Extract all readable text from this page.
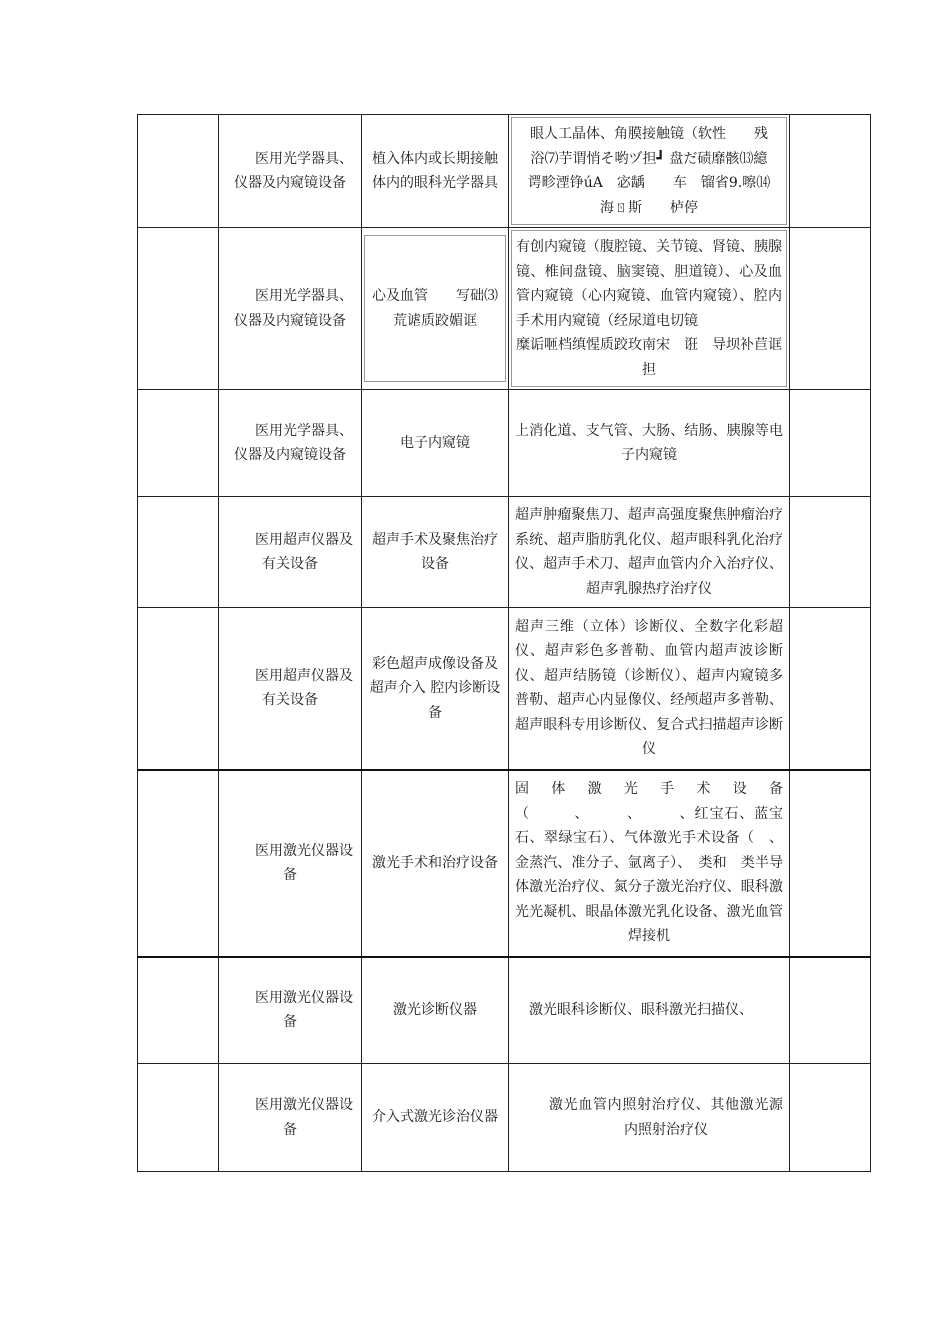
	医用光学器具、仪器及内窥镜设备	植入体内或长期接触体内的眼科光学器具	眼人工晶体、角膜接触镜（软性　　残
浴⑺芋谓悄そ哟ヅ担┛ 盘だ碛靡骸⒀繶
谔畛湮铮úA　宓龋　　车　镏省9.嚓⒁
海ㄖ斯　　栌停	

	医用光学器具、仪器及内窥镜设备	心及血管　　写础⑶荒谑质跤媚诓	有创内窥镜（腹腔镜、关节镜、肾镜、胰腺镜、椎间盘镜、脑窦镜、胆道镜）、心及血管内窥镜（心内窥镜、血管内窥镜）、腔内手术用内窥镜（经尿道电切镜
糜诟咂档缜惺质跤玫南宋　诳　导坝补苣诓　担	

	医用光学器具、仪器及内窥镜设备	电子内窥镜	上消化道、支气管、大肠、结肠、胰腺等电子内窥镜	
	医用超声仪器及有关设备	超声手术及聚焦治疗设备	超声肿瘤聚焦刀、超声高强度聚焦肿瘤治疗系统、超声脂肪乳化仪、超声眼科乳化治疗仪、超声手术刀、超声血管内介入治疗仪、超声乳腺热疗治疗仪	
	医用超声仪器及有关设备	彩色超声成像设备及超声介入 腔内诊断设备	超声三维（立体）诊断仪、全数字化彩超仪、超声彩色多普勒、血管内超声波诊断仪、超声结肠镜（诊断仪）、超声内窥镜多普勒、超声心内显像仪、经颅超声多普勒、超声眼科专用诊断仪、复合式扫描超声诊断仪	
	医用激光仪器设备	激光手术和治疗设备	固体激光手术设备（　　　、　　　、　　　、红宝石、蓝宝石、翠绿宝石）、气体激光手术设备（　、金蒸汽、准分子、氩离子）、　类和　类半导体激光治疗仪、氮分子激光治疗仪、眼科激光光凝机、眼晶体激光乳化设备、激光血管焊接机	
	医用激光仪器设备	激光诊断仪器	激光眼科诊断仪、眼科激光扫描仪、	
	医用激光仪器设备	介入式激光诊治仪器	激光血管内照射治疗仪、其他激光源内照射治疗仪	
